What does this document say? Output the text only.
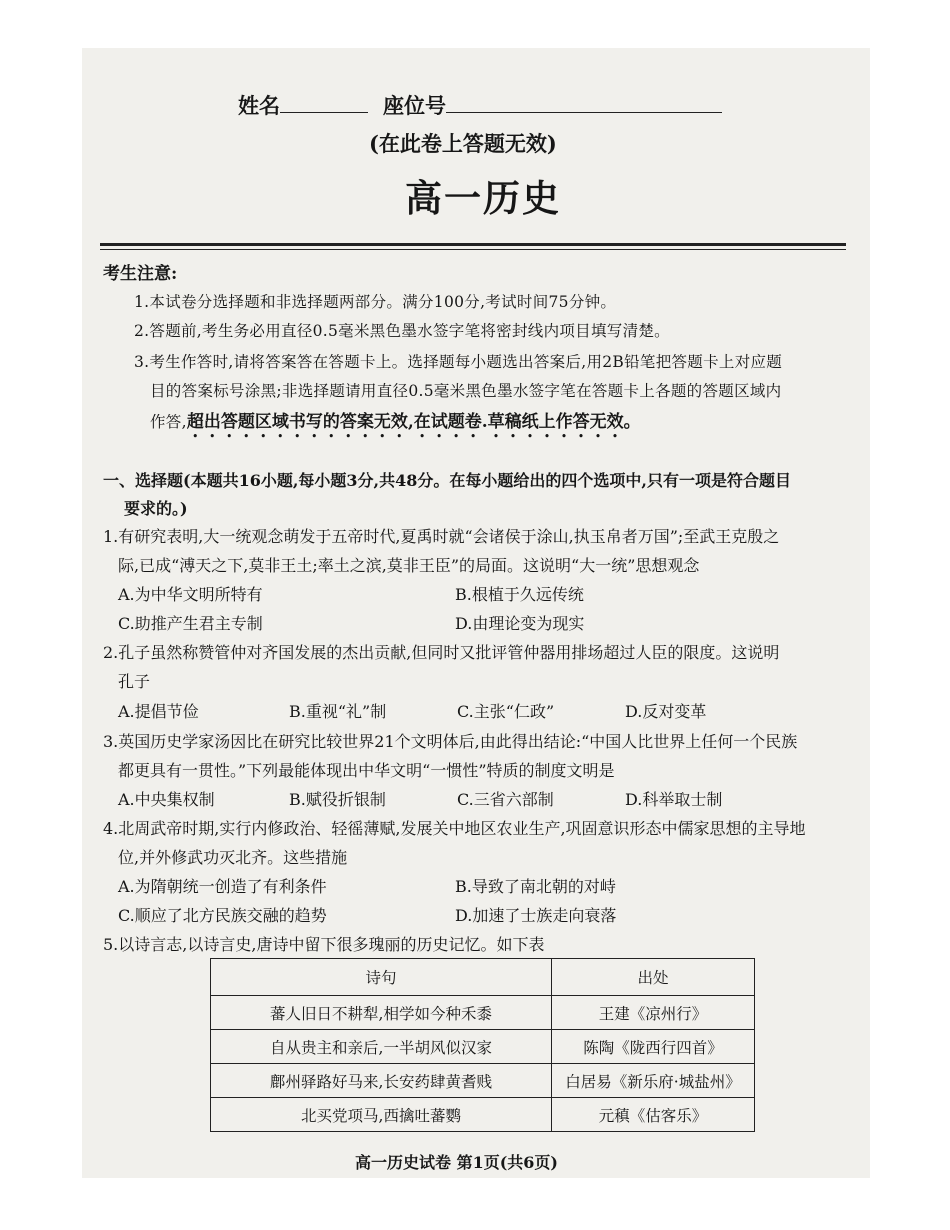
姓名	座位号
(在此卷上答题无效)
高一历史
考生注意:
1.本试卷分选择题和非选择题两部分。满分100分,考试时间75分钟。
2.答题前,考生务必用直径0.5毫米黑色墨水签字笔将密封线内项目填写清楚。
3.考生作答时,请将答案答在答题卡上。选择题每小题选出答案后,用2B铅笔把答题卡上对应题
目的答案标号涂黑;非选择题请用直径0.5毫米黑色墨水签字笔在答题卡上各题的答题区域内
作答,超出答题区域书写的答案无效,在试题卷.草稿纸上作答无效。
一、选择题(本题共16小题,每小题3分,共48分。在每小题给出的四个选项中,只有一项是符合题目
要求的。)
1.有研究表明,大一统观念萌发于五帝时代,夏禹时就“会诸侯于涂山,执玉帛者万国”;至武王克殷之
际,已成“溥天之下,莫非王土;率土之滨,莫非王臣”的局面。这说明“大一统”思想观念
A.为中华文明所特有	B.根植于久远传统
C.助推产生君主专制	D.由理论变为现实
2.孔子虽然称赞管仲对齐国发展的杰出贡献,但同时又批评管仲器用排场超过人臣的限度。这说明
孔子
A.提倡节俭	B.重视“礼”制	C.主张“仁政”	D.反对变革
3.英国历史学家汤因比在研究比较世界21个文明体后,由此得出结论:“中国人比世界上任何一个民族
都更具有一贯性。”下列最能体现出中华文明“一惯性”特质的制度文明是
A.中央集权制	B.赋役折银制	C.三省六部制	D.科举取士制
4.北周武帝时期,实行内修政治、轻徭薄赋,发展关中地区农业生产,巩固意识形态中儒家思想的主导地
位,并外修武功灭北齐。这些措施
A.为隋朝统一创造了有利条件	B.导致了南北朝的对峙
C.顺应了北方民族交融的趋势	D.加速了士族走向衰落
5.以诗言志,以诗言史,唐诗中留下很多瑰丽的历史记忆。如下表
诗句	出处
蕃人旧日不耕犁,相学如今种禾黍	王建《凉州行》
自从贵主和亲后,一半胡风似汉家	陈陶《陇西行四首》
鄜州驿路好马来,长安药肆黄耆贱	白居易《新乐府·城盐州》
北买党项马,西擒吐蕃鹦	元稹《估客乐》
高一历史试卷 第1页(共6页)
